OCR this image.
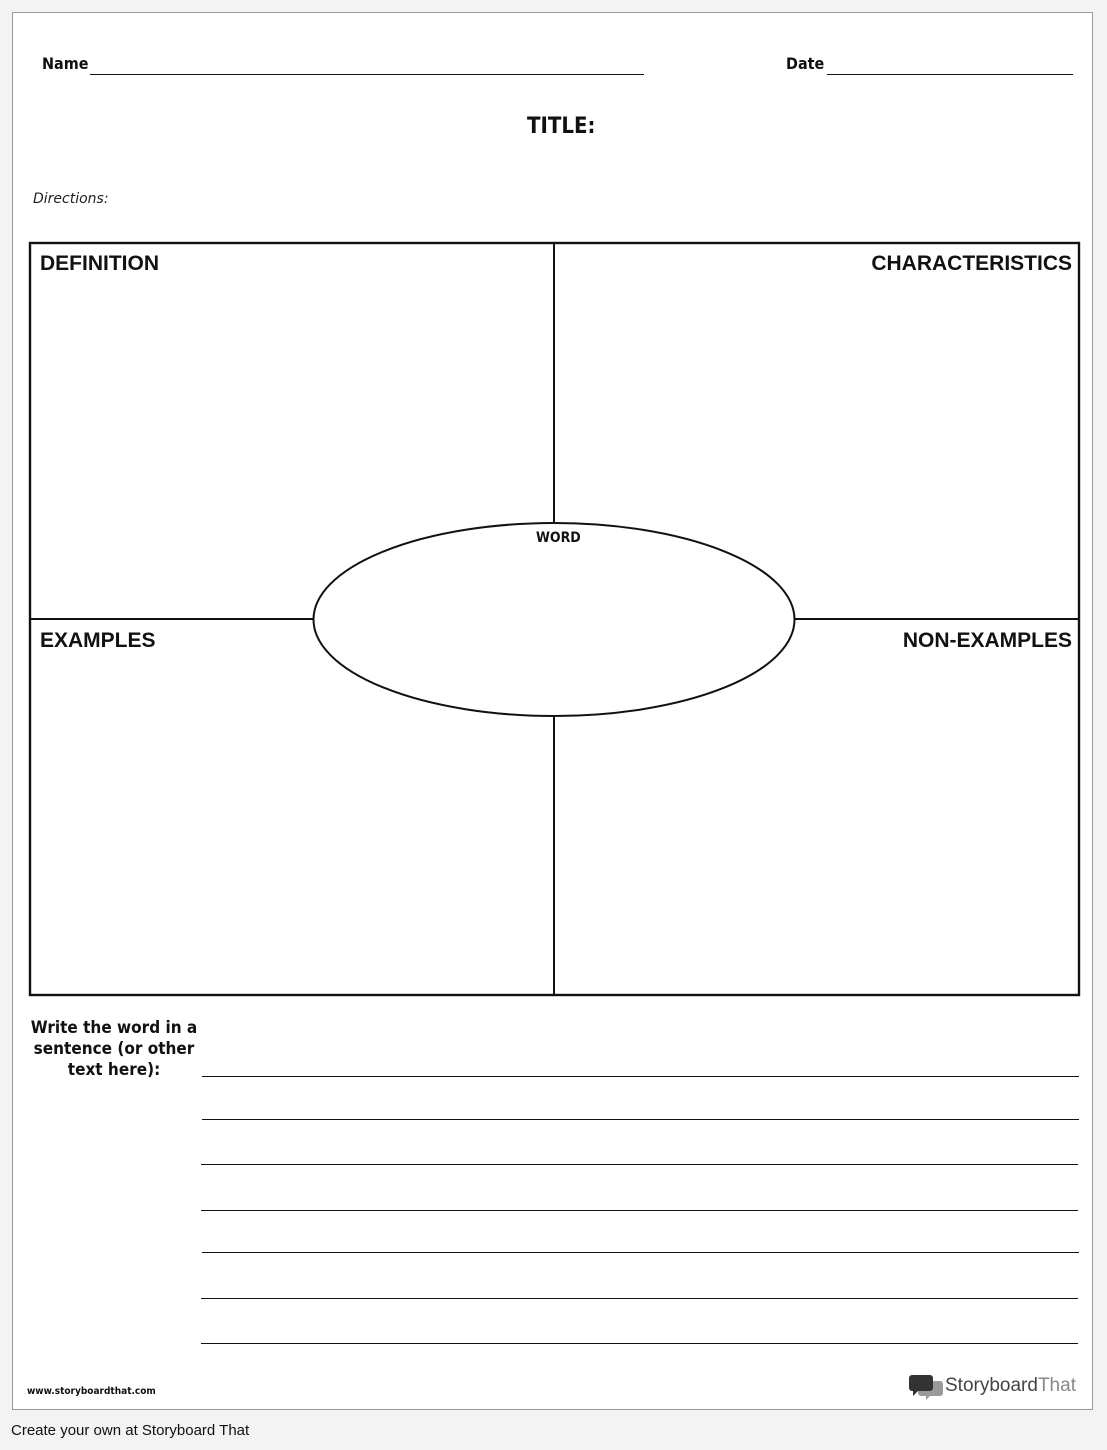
Name	Date
TITLE:
Directions:
DEFINITION	CHARACTERISTICS
EXAMPLES	NON-EXAMPLES
WORD
Write the word in a sentence (or other text here):
www.storyboardthat.com	StoryboardThat
Create your own at Storyboard That
